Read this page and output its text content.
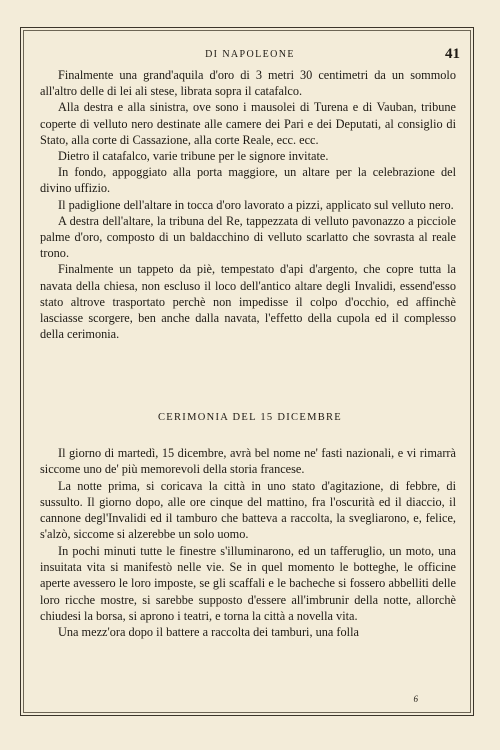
DI NAPOLEONE	41

Finalmente una grand'aquila d'oro di 3 metri 30 centimetri da un sommolo all'altro delle di lei ali stese, librata sopra il catafalco.

Alla destra e alla sinistra, ove sono i mausolei di Turena e di Vauban, tribune coperte di velluto nero destinate alle camere dei Pari e dei Deputati, al consiglio di Stato, alla corte di Cassazione, alla corte Reale, ecc. ecc.

Dietro il catafalco, varie tribune per le signore invitate.

In fondo, appoggiato alla porta maggiore, un altare per la celebrazione del divino uffizio.

Il padiglione dell'altare in tocca d'oro lavorato a pizzi, applicato sul velluto nero.

A destra dell'altare, la tribuna del Re, tappezzata di velluto pavonazzo a picciole palme d'oro, composto di un baldacchino di velluto scarlatto che sovrasta al reale trono.

Finalmente un tappeto da piè, tempestato d'api d'argento, che copre tutta la navata della chiesa, non escluso il loco dell'antico altare degli Invalidi, essend'esso stato altrove trasportato perchè non impedisse il colpo d'occhio, ed affinchè lasciasse scorgere, ben anche dalla navata, l'effetto della cupola ed il complesso della cerimonia.

CERIMONIA DEL 15 DICEMBRE

Il giorno di martedì, 15 dicembre, avrà bel nome ne' fasti nazionali, e vi rimarrà siccome uno de' più memorevoli della storia francese.

La notte prima, si coricava la città in uno stato d'agitazione, di febbre, di sussulto. Il giorno dopo, alle ore cinque del mattino, fra l'oscurità ed il diaccio, il cannone degl'Invalidi ed il tamburo che batteva a raccolta, la svegliarono, e, felice, s'alzò, siccome si alzerebbe un solo uomo.

In pochi minuti tutte le finestre s'illuminarono, ed un tafferuglio, un moto, una insuitata vita si manifestò nelle vie. Se in quel momento le botteghe, le officine aperte avessero le loro imposte, se gli scaffali e le bacheche si fossero abbelliti delle loro ricche mostre, si sarebbe supposto d'essere all'imbrunir della notte, allorchè chiudesi la borsa, si aprono i teatri, e torna la città a novella vita.

Una mezz'ora dopo il battere a raccolta dei tamburi, una folla

6
